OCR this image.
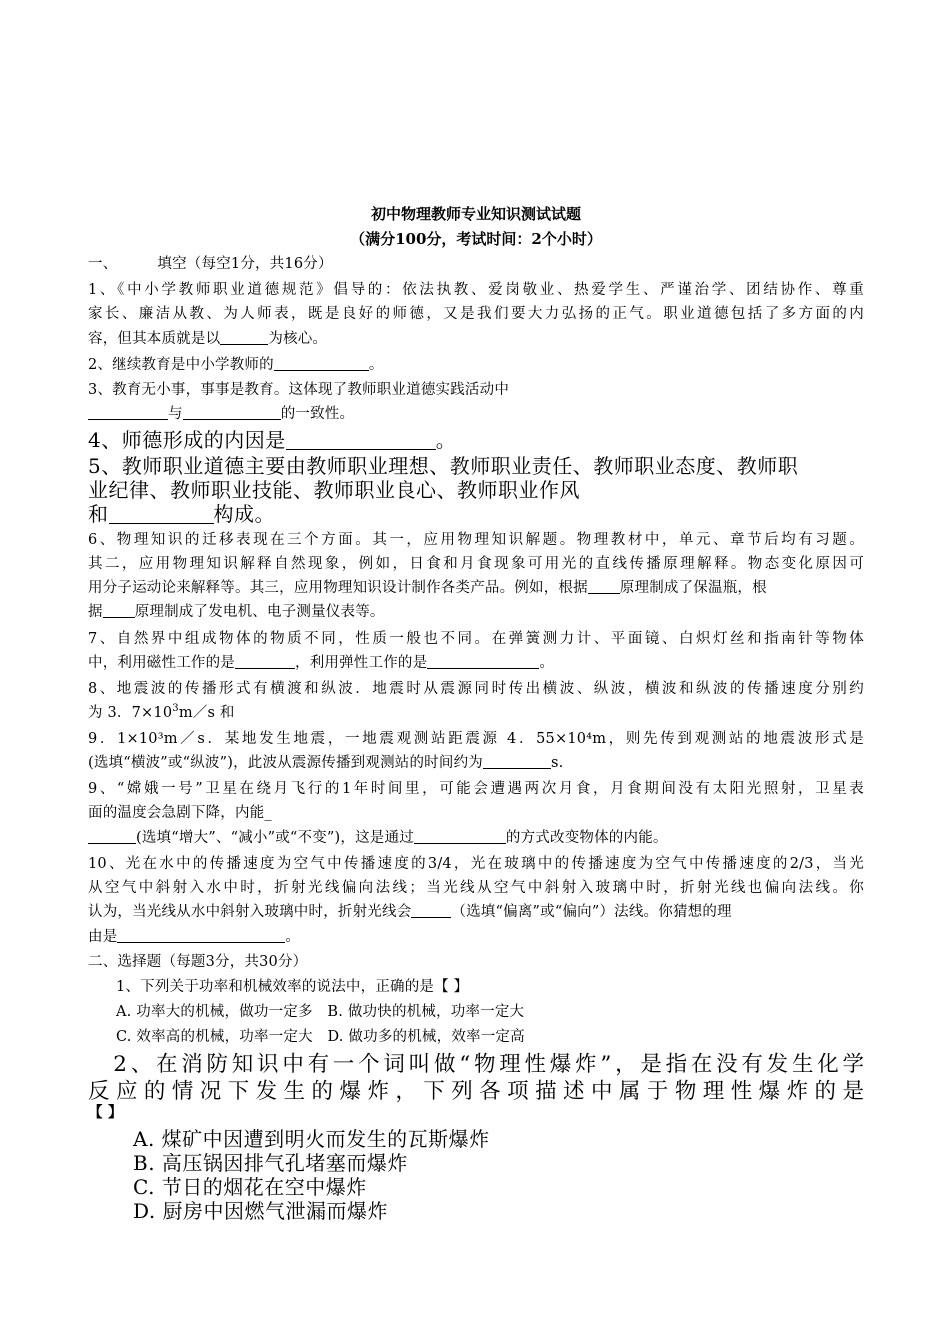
初中物理教师专业知识测试试题
（满分100分，考试时间：2个小时）
一、	填空（每空1分，共16分）
1、《中小学教师职业道德规范》倡导的：依法执教、爱岗敬业、热爱学生、严谨治学、团结协作、尊重
家长、廉洁从教、为人师表，既是良好的师德，又是我们要大力弘扬的正气。职业道德包括了多方面的内
容，但其本质就是以	为核心。
2、继续教育是中小学教师的	。
3、教育无小事，事事是教育。这体现了教师职业道德实践活动中
与	的一致性。
4、师德形成的内因是	。
5、教师职业道德主要由教师职业理想、教师职业责任、教师职业态度、教师职
业纪律、教师职业技能、教师职业良心、教师职业作风
和	构成。
6、物理知识的迁移表现在三个方面。其一，应用物理知识解题。物理教材中，单元、章节后均有习题。
其二，应用物理知识解释自然现象，例如，日食和月食现象可用光的直线传播原理解释。物态变化原因可
用分子运动论来解释等。其三，应用物理知识设计制作各类产品。例如，根据 原理制成了保温瓶，根
据 原理制成了发电机、电子测量仪表等。
7、自然界中组成物体的物质不同，性质一般也不同。在弹簧测力计、平面镜、白炽灯丝和指南针等物体
中，利用磁性工作的是	，利用弹性工作的是	。
8、地震波的传播形式有横渡和纵波．地震时从震源同时传出横波、纵波，横波和纵波的传播速度分别约
为 3．$7\times 10^3m/s$ 和
9．1×10³m／s．某地发生地震，一地震观测站距震源 4．55×10⁴m，则先传到观测站的地震波形式是
(选填“横波”或“纵波”)，此波从震源传播到观测站的时间约为	s.
9、“嫦娥一号”卫星在绕月飞行的1年时间里，可能会遭遇两次月食，月食期间没有太阳光照射，卫星表
面的温度会急剧下降，内能_
(选填“增大”、“减小”或“不变”)，这是通过	的方式改变物体的内能。
10、光在水中的传播速度为空气中传播速度的3/4，光在玻璃中的传播速度为空气中传播速度的2/3，当光
从空气中斜射入水中时，折射光线偏向法线；当光线从空气中斜射入玻璃中时，折射光线也偏向法线。你
认为，当光线从水中斜射入玻璃中时，折射光线会	（选填“偏离”或“偏向”）法线。你猜想的理
由是	。
二、选择题（每题3分，共30分）
1、下列关于功率和机械效率的说法中，正确的是【 】
A. 功率大的机械，做功一定多　B. 做功快的机械，功率一定大
C. 效率高的机械，功率一定大　D. 做功多的机械，效率一定高
　2、在消防知识中有一个词叫做“物理性爆炸”，是指在没有发生化学
反应的情况下发生的爆炸，下列各项描述中属于物理性爆炸的是
【 】
A. 煤矿中因遭到明火而发生的瓦斯爆炸
B. 高压锅因排气孔堵塞而爆炸
C. 节日的烟花在空中爆炸
D. 厨房中因燃气泄漏而爆炸
